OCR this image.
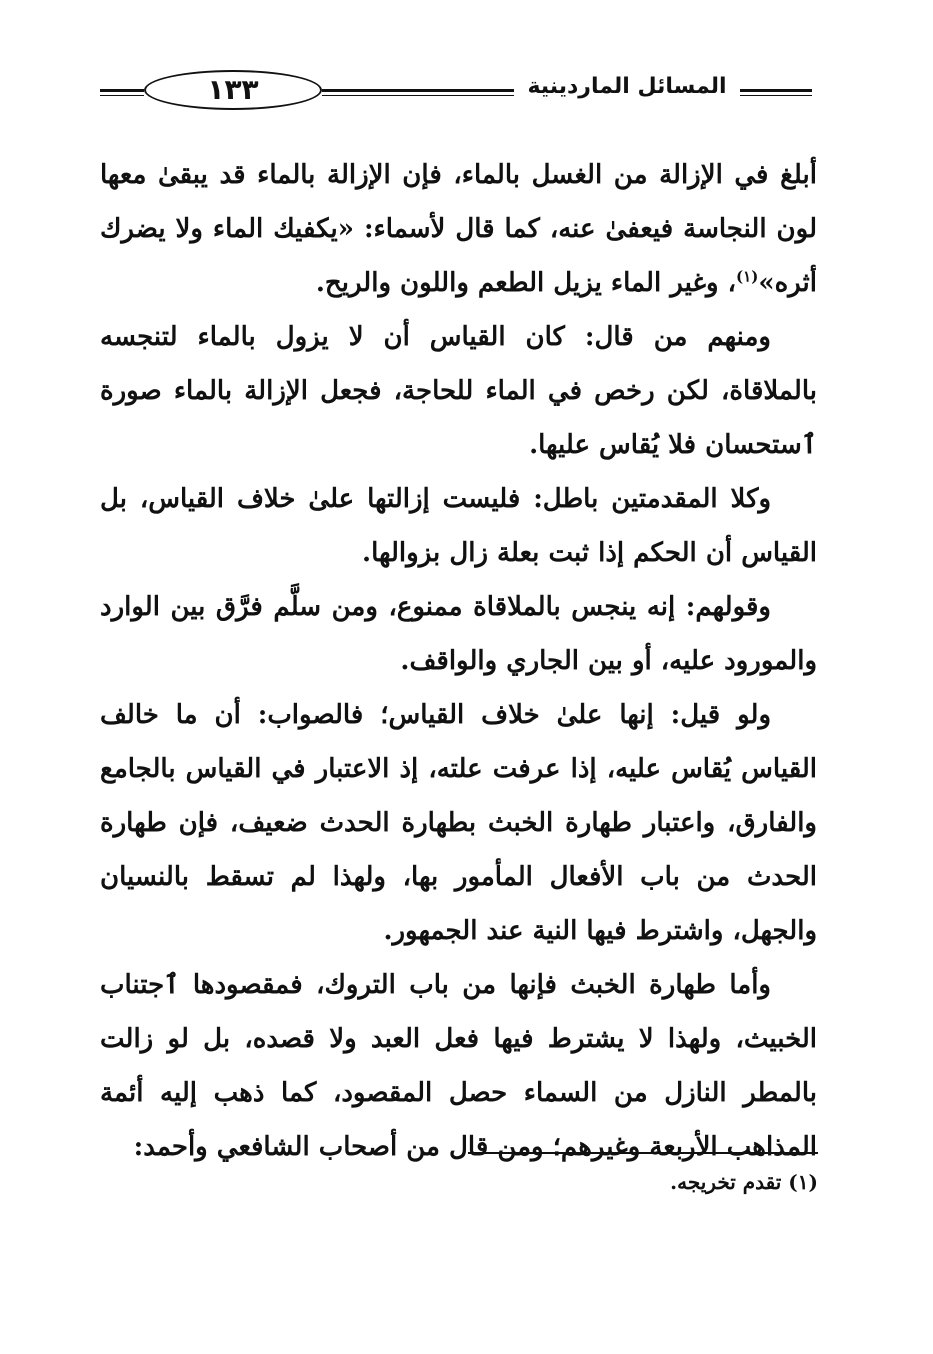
١٣٣	المسائل الماردينية

أبلغ في الإزالة من الغسل بالماء، فإن الإزالة بالماء قد يبقىٰ معها لون النجاسة فيعفىٰ عنه، كما قال لأسماء: «يكفيك الماء ولا يضرك أثره»$^{(١)}$، وغير الماء يزيل الطعم واللون والريح.

ومنهم من قال: كان القياس أن لا يزول بالماء لتنجسه بالملاقاة، لكن رخص في الماء للحاجة، فجعل الإزالة بالماء صورة ٱستحسان فلا يُقاس عليها.

وكلا المقدمتين باطل: فليست إزالتها علىٰ خلاف القياس، بل القياس أن الحكم إذا ثبت بعلة زال بزوالها.

وقولهم: إنه ينجس بالملاقاة ممنوع، ومن سلَّم فرَّق بين الوارد والمورود عليه، أو بين الجاري والواقف.

ولو قيل: إنها علىٰ خلاف القياس؛ فالصواب: أن ما خالف القياس يُقاس عليه، إذا عرفت علته، إذ الاعتبار في القياس بالجامع والفارق، واعتبار طهارة الخبث بطهارة الحدث ضعيف، فإن طهارة الحدث من باب الأفعال المأمور بها، ولهذا لم تسقط بالنسيان والجهل، واشترط فيها النية عند الجمهور.

وأما طهارة الخبث فإنها من باب التروك، فمقصودها ٱجتناب الخبيث، ولهذا لا يشترط فيها فعل العبد ولا قصده، بل لو زالت بالمطر النازل من السماء حصل المقصود، كما ذهب إليه أئمة المذاهب الأربعة وغيرهم؛ ومن قال من أصحاب الشافعي وأحمد:

(١) تقدم تخريجه.
